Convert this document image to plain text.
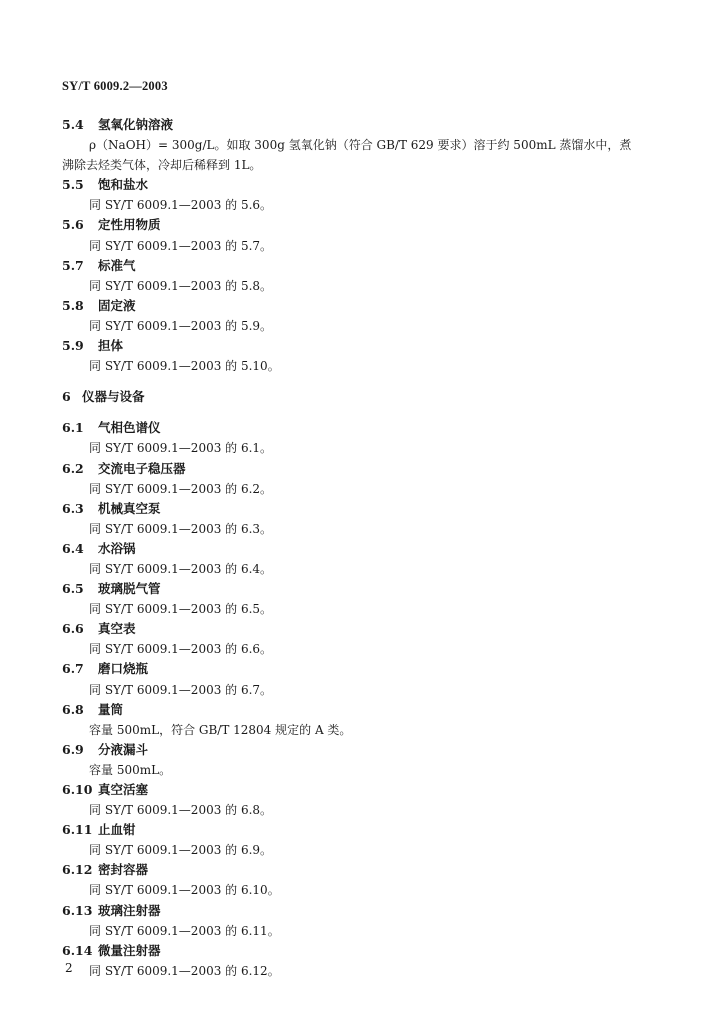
SY/T 6009.2—2003
5.4 氢氧化钠溶液
ρ（NaOH）= 300g/L。如取 300g 氢氧化钠（符合 GB/T 629 要求）溶于约 500mL 蒸馏水中，煮
沸除去烃类气体，冷却后稀释到 1L。
5.5 饱和盐水
同 SY/T 6009.1—2003 的 5.6。
5.6 定性用物质
同 SY/T 6009.1—2003 的 5.7。
5.7 标准气
同 SY/T 6009.1—2003 的 5.8。
5.8 固定液
同 SY/T 6009.1—2003 的 5.9。
5.9 担体
同 SY/T 6009.1—2003 的 5.10。
6 仪器与设备
6.1 气相色谱仪
同 SY/T 6009.1—2003 的 6.1。
6.2 交流电子稳压器
同 SY/T 6009.1—2003 的 6.2。
6.3 机械真空泵
同 SY/T 6009.1—2003 的 6.3。
6.4 水浴锅
同 SY/T 6009.1—2003 的 6.4。
6.5 玻璃脱气管
同 SY/T 6009.1—2003 的 6.5。
6.6 真空表
同 SY/T 6009.1—2003 的 6.6。
6.7 磨口烧瓶
同 SY/T 6009.1—2003 的 6.7。
6.8 量筒
容量 500mL，符合 GB/T 12804 规定的 A 类。
6.9 分液漏斗
容量 500mL。
6.10 真空活塞
同 SY/T 6009.1—2003 的 6.8。
6.11 止血钳
同 SY/T 6009.1—2003 的 6.9。
6.12 密封容器
同 SY/T 6009.1—2003 的 6.10。
6.13 玻璃注射器
同 SY/T 6009.1—2003 的 6.11。
6.14 微量注射器
同 SY/T 6009.1—2003 的 6.12。
2
